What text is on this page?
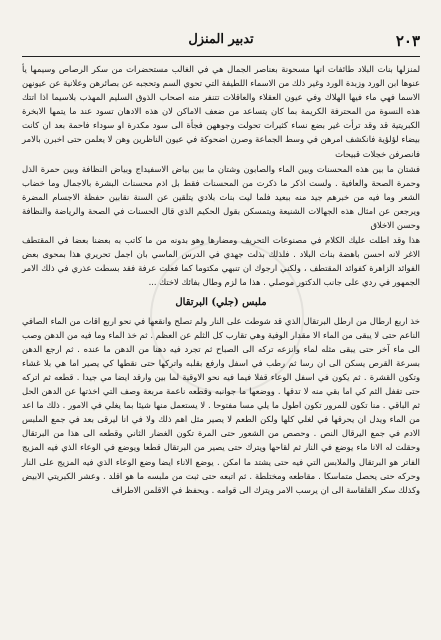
٢٠٣
تدبير المنزل

لمنزلها بنات البلاد طائفات انها مسحونة بعناصر الجمال هي في الغالب مستحضرات من سكر الرصاص وسيمها يأ عنوها ابن الورد وزبدة الورد وغير ذلك من الاسماء اللطيفة التي تحوي السم وتحجبه عن بصائرهن وعلانية عن عيونهن الاسما فهي ماء فيها الهلاك وفي عيون العقلاء والعاقلات تتنفر منه اصحاب الذوق السليم المهذب بلاسيما اذا اتتك هذه النسوة من المحترفة الكريمة بما كان يتساعد من ضعف الاماكن لان هذه الادهان تسود عند ما يتمها الابخرة الكبريتية قد وقد ترأت غير بضع نساء كثيرات تحولت وجوههن فجأة الى سود مكدرة او سوداء فاحمة بعد ان كانت بيضاء لؤلؤية فانكشف امرهن في وسط الجماعة وصرن اضحوكة في عيون الناظرين وهن لا يعلمن حتى اخبرن بالامر فانصرفن خجلات قبيحات

فشتان ما بين هذه المحسنات وبين الماء والصابون وشتان ما بين بياض الاسفيداج وبياض النظافة وبين حمرة الذل وحمرة الصحة والعافية . ولست اذكر ما ذكرت من المحسنات فقط بل اذم محسنات البشرة بالاجمال وما خضاب الشعر وما فيه من خبرهم جيد منه ببعيد فلما ليت بنات بلادي يتلقين عن السنة نقابين حفظة الاجسام المضرة ويرجعن عن امثال هذه الجهالات الشنيعة ويتمسكن بقول الحكيم الذي قال الحسنات في الصحة والرياضة والنظافة وحسن الاخلاق

هذا وقد اطلت عليك الكلام في مصنوعات التحريف ومضارها وهو بدونه من ما كاتب به بعضنا بعضا في المقتطف الاغر لانه احسن باهضة بنات البلاد . فلذلك بذلت جهدي في الدرس الماسي بان اجمل تحريري هذا بمحوى بعض الفوائد الزاهرة كفوائد المقتطف ، ولكني ارجوك ان تنبهي مكتوما كما فعلت عرفة فقد بسطت عذري في ذلك الامر الجمهور في ردي على جانب الدكتور موصلي . هذا ما لزم وطال بفائك لاختك ...

ملبس (جلي) البرتقال

خذ اربع ارطال من ارطل البرتقال الذي قد شوطت على النار ولم تصلح وانقعها في نحو اربع اقات من الماء الصافي الناعم حتى لا يبقى من الماء الا مقدار الوفية وهي تقارب كل الثلم عن العظم . ثم خذ الماء وما فيه من الدهن وصب الى ماء آخر حتى يبقى مثله لماء وانزعه تركه الى الصباح ثم تجرد فيه دهنا من الدهن ما عنده . ثم ارجع الدهن بسرعة القرص يسكن الى ان رسا ثم رطب في اسفل وارفع بقلبه واتركها حتى نقطها كي يصير اما هي بلا غشاء وتكون القشرة . ثم يكون في اسفل الوعاء قفلا فيما فيه نحو الاوقية لما بين وارقد ايضا مي جيدا . قطعه ثم اتركه حتى تقفل الثم كي اما بقي منه لا تدقها . ووضعها ما جوانبه وقطعه ناعمة مربعة وصف التي اخذتها عن الدهن الحل ثم الباقي . منا تكون للمرور تكون اطول ما يلي مسا مفتوحا . لا يستعمل منها شيئا بما يغلي في الامور . ذلك ما اعد من الماء ويدل ان يحرقها في لغلي كلها ولكن الطعم لا يصير مثل اهم ذلك ولا في انا ليرقى بعد في جمع الملبس الادم في جمع اليرقال النص . وحصص من الشعور حتى المرة تكون الغضار الثاني وقطعه الى هذا من البرتقال وحقلت له الانا ماء يوضع في النار ثم لقاحها ويترك حتى يصير من البرتقال قطعا ويوضع في الوعاء الذي فيه المزيج الفاتر هو البرتقال والملابس التي فيه حتى يشتد ما امكن . يوضع الاناء ايضا وضع الوعاء الذي فيه المزيج على النار وحركه حتى يحصل متماسكا . مقاطعه ومختلطة . ثم اتبعه حتى ثبت من ملبسه ما هو اقلد . وعشر الكبريتي الابيض وكذلك سكر القلقاسة الى ان يرسب الامر ويترك الى قوامه . ويحفظ في الاقلمن الاطراف
